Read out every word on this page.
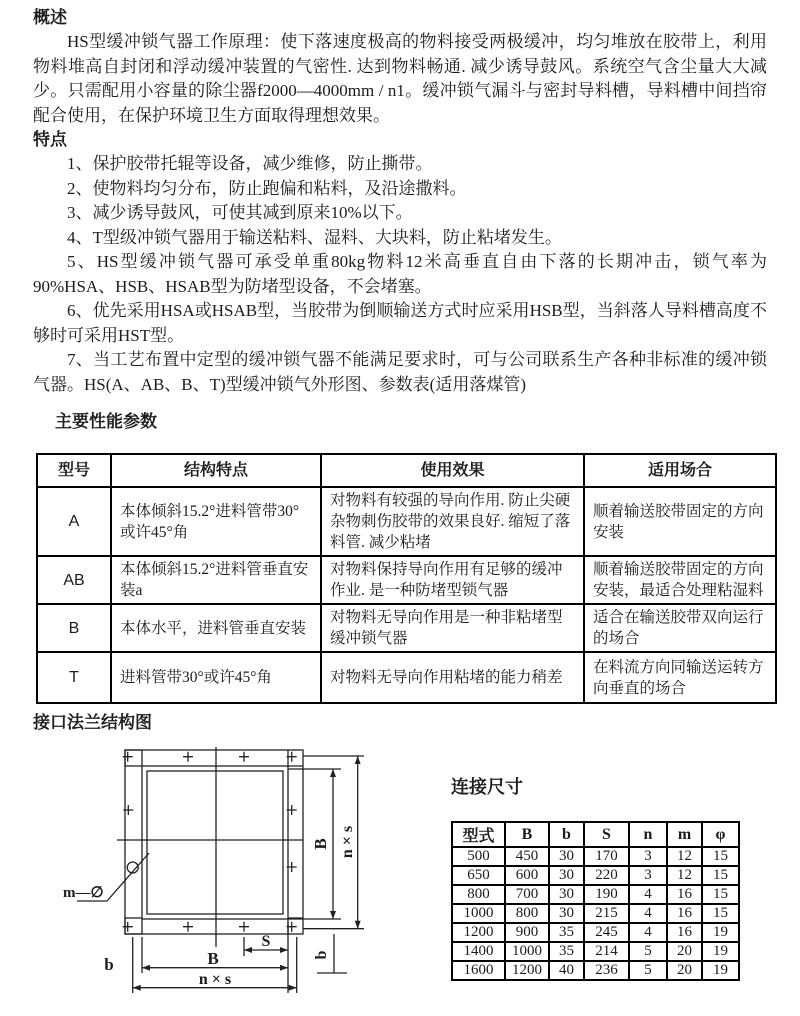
概述

HS型缓冲锁气器工作原理：使下落速度极高的物料接受两极缓冲，均匀堆放在胶带上，利用物料堆高自封闭和浮动缓冲装置的气密性. 达到物料畅通. 减少诱导鼓风。系统空气含尘量大大减少。只需配用小容量的除尘器f2000—4000mm / n1。缓冲锁气漏斗与密封导料槽，导料槽中间挡帘配合使用，在保护环境卫生方面取得理想效果。

特点

1、保护胶带托辊等设备，减少维修，防止撕带。

2、使物料均匀分布，防止跑偏和粘料，及沿途撒料。

3、减少诱导鼓风，可使其减到原来10%以下。

4、T型级冲锁气器用于输送粘料、湿料、大块料，防止粘堵发生。

5、HS型缓冲锁气器可承受单重80kg物料12米高垂直自由下落的长期冲击，锁气率为90%HSA、HSB、HSAB型为防堵型设备，不会堵塞。

6、优先采用HSA或HSAB型，当胶带为倒顺输送方式时应采用HSB型，当斜落人导料槽高度不够时可采用HST型。

7、当工艺布置中定型的缓冲锁气器不能满足要求时，可与公司联系生产各种非标准的缓冲锁气器。HS(A、AB、B、T)型缓冲锁气外形图、参数表(适用落煤管)

主要性能参数
型号	结构特点	使用效果	适用场合
A	本体倾斜15.2°进料管带30°或许45°角	对物料有较强的导向作用. 防止尖硬杂物刺伤胶带的效果良好. 缩短了落料管. 减少粘堵	顺着输送胶带固定的方向安装
AB	本体倾斜15.2°进料管垂直安装a	对物料保持导向作用有足够的缓冲作业. 是一种防堵型锁气器	顺着输送胶带固定的方向安装，最适合处理粘湿料
B	本体水平，进料管垂直安装	对物料无导向作用是一种非粘堵型缓冲锁气器	适合在输送胶带双向运行的场合
T	进料管带30°或许45°角	对物料无导向作用粘堵的能力稍差	在料流方向同输送运转方向垂直的场合
接口法兰结构图
m—∅
B n × s
S
B
n × s
b	b
连接尺寸
型式	B	b	S	n	m	φ
500	450	30	170	3	12	15
650	600	30	220	3	12	15
800	700	30	190	4	16	15
1000	800	30	215	4	16	15
1200	900	35	245	4	16	19
1400	1000	35	214	5	20	19
1600	1200	40	236	5	20	19
